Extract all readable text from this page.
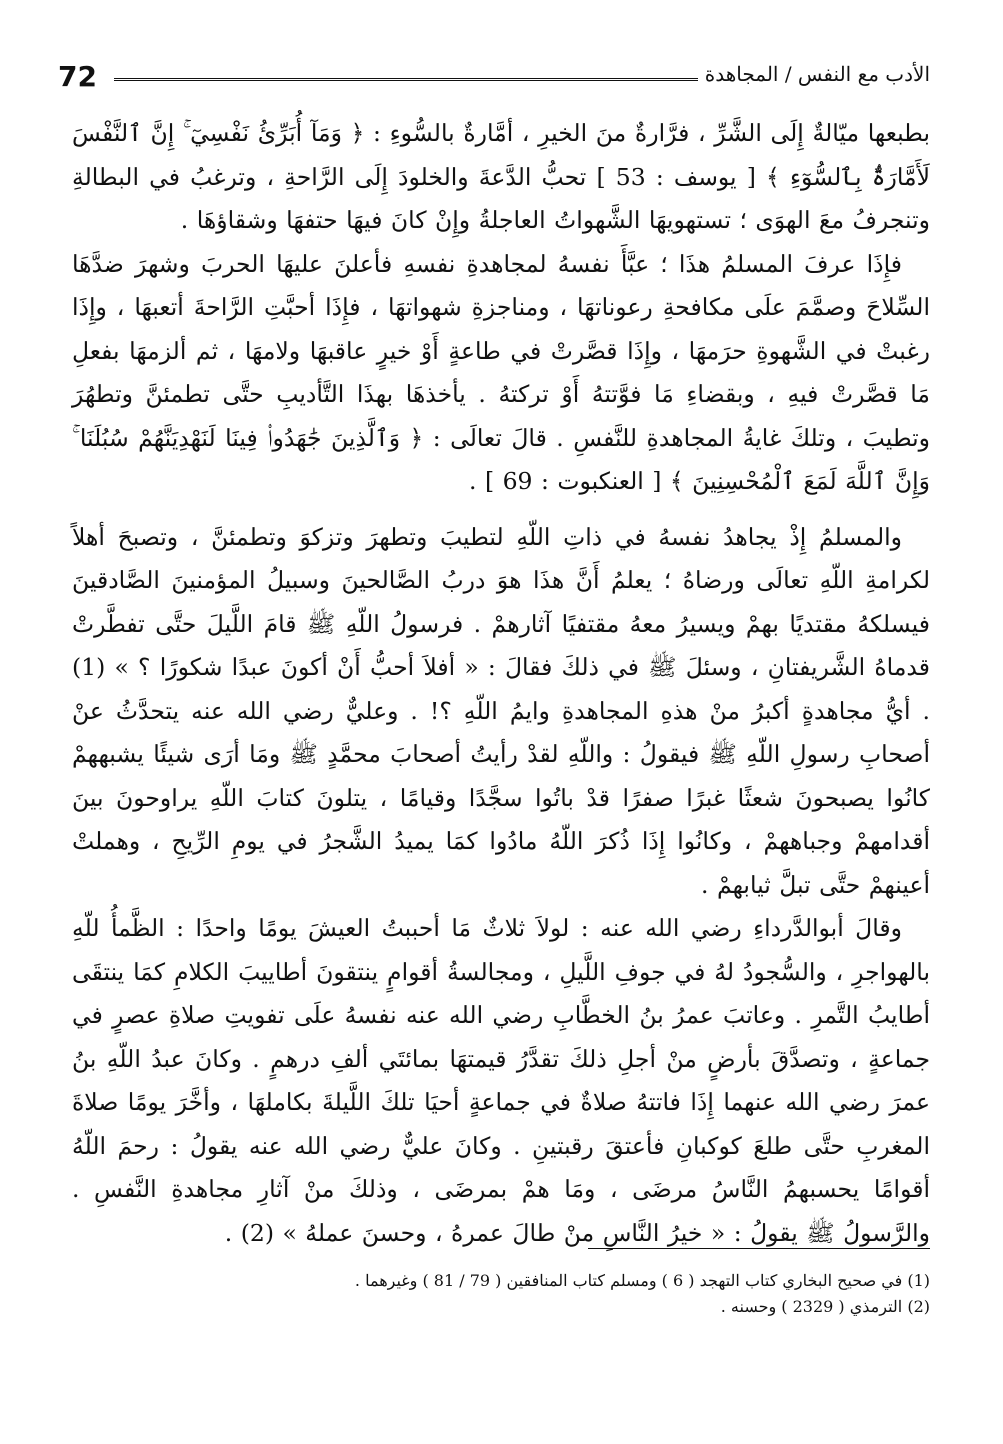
72	الأدب مع النفس / المجاهدة

بطبعها ميّالةٌ إِلَى الشَّرِّ ، فرَّارةٌ منَ الخيرِ ، أمَّارةٌ بالسُّوءِ : ﴿ وَمَآ أُبَرِّئُ نَفْسِيٓ ۚ إِنَّ ٱلنَّفْسَ لَأَمَّارَةٌۢ بِٱلسُّوٓءِ ﴾ [ يوسف : 53 ] تحبُّ الدَّعةَ والخلودَ إِلَى الرَّاحةِ ، وترغبُ في البطالةِ وتنجرفُ معَ الهوَى ؛ تستهويهَا الشَّهواتُ العاجلةُ وإِنْ كانَ فيهَا حتفهَا وشقاؤهَا .

فإِذَا عرفَ المسلمُ هذَا ؛ عبَّأَ نفسهُ لمجاهدةِ نفسهِ فأعلنَ عليهَا الحربَ وشهرَ ضدَّهَا السِّلاحَ وصمَّمَ علَى مكافحةِ رعوناتهَا ، ومناجزةِ شهواتهَا ، فإِذَا أحبَّتِ الرَّاحةَ أتعبهَا ، وإِذَا رغبتْ في الشَّهوةِ حرَمهَا ، وإِذَا قصَّرتْ في طاعةٍ أَوْ خيرٍ عاقبهَا ولامهَا ، ثم ألزمهَا بفعلِ مَا قصَّرتْ فيهِ ، وبقضاءِ مَا فوَّتتهُ أَوْ تركتهُ . يأخذهَا بهذَا التَّأديبِ حتَّى تطمئنَّ وتطهُرَ وتطيبَ ، وتلكَ غايةُ المجاهدةِ للنَّفسِ . قالَ تعالَى : ﴿ وَٱلَّذِينَ جَٰهَدُوا۟ فِينَا لَنَهْدِيَنَّهُمْ سُبُلَنَا ۚ وَإِنَّ ٱللَّهَ لَمَعَ ٱلْمُحْسِنِينَ ﴾ [ العنكبوت : 69 ] .

والمسلمُ إِذْ يجاهدُ نفسهُ في ذاتِ اللّهِ لتطيبَ وتطهرَ وتزكوَ وتطمئنَّ ، وتصبحَ أهلاً لكرامةِ اللّهِ تعالَى ورضاهُ ؛ يعلمُ أَنَّ هذَا هوَ دربُ الصَّالحينَ وسبيلُ المؤمنينَ الصَّادقينَ فيسلكهُ مقتديًا بهمْ ويسيرُ معهُ مقتفيًا آثارهمْ . فرسولُ اللّهِ ﷺ قامَ اللَّيلَ حتَّى تفطَّرتْ قدماهُ الشَّريفتانِ ، وسئلَ ﷺ في ذلكَ فقالَ : « أفلاَ أحبُّ أَنْ أكونَ عبدًا شكورًا ؟ » (1) . أيُّ مجاهدةٍ أكبرُ منْ هذهِ المجاهدةِ وايمُ اللّهِ ؟! . وعليٌّ رضي الله عنه يتحدَّثُ عنْ أصحابِ رسولِ اللّهِ ﷺ فيقولُ : واللّهِ لقدْ رأيتُ أصحابَ محمَّدٍ ﷺ ومَا أرَى شيئًا يشبههمْ كانُوا يصبحونَ شعثًا غبرًا صفرًا قدْ باتُوا سجَّدًا وقيامًا ، يتلونَ كتابَ اللّهِ يراوحونَ بينَ أقدامهمْ وجباههمْ ، وكانُوا إِذَا ذُكرَ اللّهُ مادُوا كمَا يميدُ الشَّجرُ في يومِ الرِّيحِ ، وهملتْ أعينهمْ حتَّى تبلَّ ثيابهمْ .

وقالَ أبوالدَّرداءِ رضي الله عنه : لولاَ ثلاثٌ مَا أحببتُ العيشَ يومًا واحدًا : الظَّمأُ للّهِ بالهواجرِ ، والسُّجودُ لهُ في جوفِ اللَّيلِ ، ومجالسةُ أقوامٍ ينتقونَ أطاييبَ الكلامِ كمَا ينتقَى أطايبُ التَّمرِ . وعاتبَ عمرُ بنُ الخطَّابِ رضي الله عنه نفسهُ علَى تفويتِ صلاةِ عصرٍ في جماعةٍ ، وتصدَّقَ بأرضٍ منْ أجلِ ذلكَ تقدَّرُ قيمتهَا بمائتَي ألفِ درهمٍ . وكانَ عبدُ اللّهِ بنُ عمرَ رضي الله عنهما إِذَا فاتتهُ صلاةٌ في جماعةٍ أحيَا تلكَ اللَّيلةَ بكاملهَا ، وأخَّرَ يومًا صلاةَ المغربِ حتَّى طلعَ كوكبانِ فأعتقَ رقبتينِ . وكانَ عليٌّ رضي الله عنه يقولُ : رحمَ اللّهُ أقوامًا يحسبهمُ النَّاسُ مرضَى ، ومَا همْ بمرضَى ، وذلكَ منْ آثارِ مجاهدةِ النَّفسِ . والرَّسولُ ﷺ يقولُ : « خيرُ النَّاسِ منْ طالَ عمرهُ ، وحسنَ عملهُ » (2) .

(1) في صحيح البخاري كتاب التهجد ( 6 ) ومسلم كتاب المنافقين ( 79 / 81 ) وغيرهما .

(2) الترمذي ( 2329 ) وحسنه .
